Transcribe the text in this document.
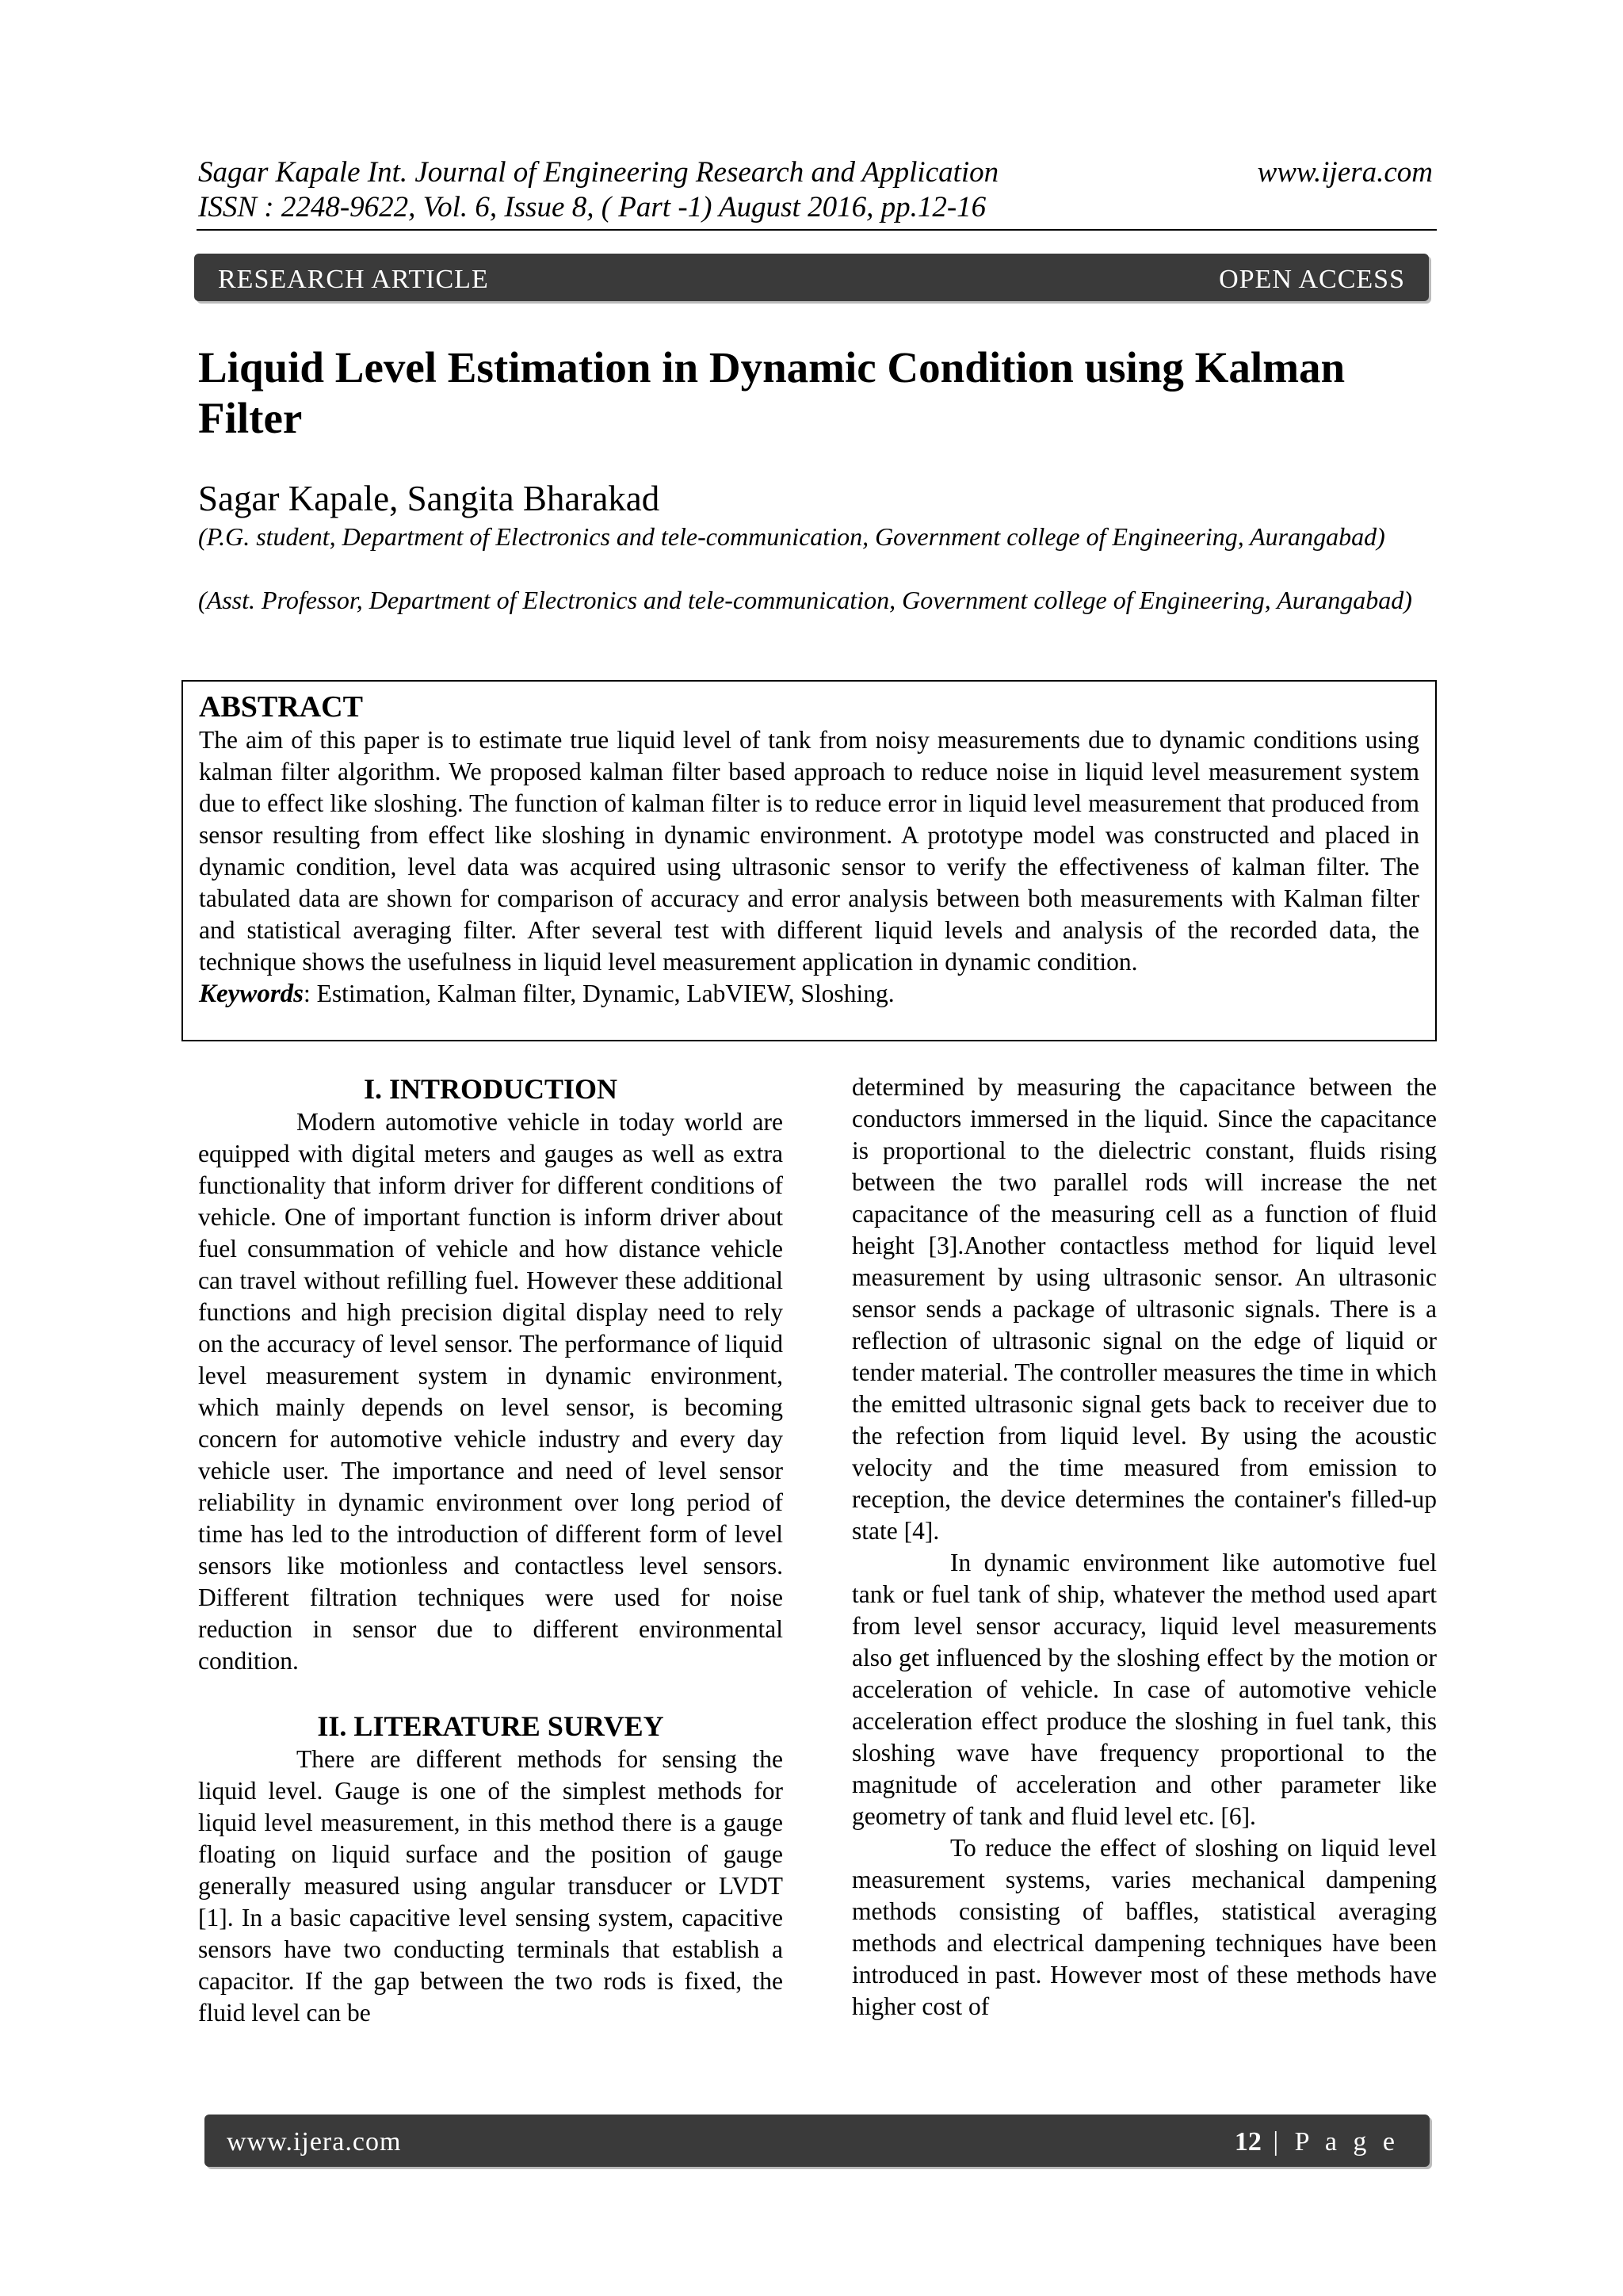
Sagar Kapale Int. Journal of Engineering Research and Application
ISSN : 2248-9622, Vol. 6, Issue 8, ( Part -1) August 2016, pp.12-16
www.ijera.com
RESEARCH ARTICLE	OPEN ACCESS
Liquid Level Estimation in Dynamic Condition using Kalman
Filter
Sagar Kapale, Sangita Bharakad
(P.G. student, Department of Electronics and tele-communication, Government college of Engineering, Aurangabad)
(Asst. Professor, Department of Electronics and tele-communication, Government college of Engineering, Aurangabad)
ABSTRACT
The aim of this paper is to estimate true liquid level of tank from noisy measurements due to dynamic conditions using kalman filter algorithm. We proposed kalman filter based approach to reduce noise in liquid level measurement system due to effect like sloshing. The function of kalman filter is to reduce error in liquid level measurement that produced from sensor resulting from effect like sloshing in dynamic environment. A prototype model was constructed and placed in dynamic condition, level data was acquired using ultrasonic sensor to verify the effectiveness of kalman filter. The tabulated data are shown for comparison of accuracy and error analysis between both measurements with Kalman filter and statistical averaging filter. After several test with different liquid levels and analysis of the recorded data, the technique shows the usefulness in liquid level measurement application in dynamic condition.
Keywords: Estimation, Kalman filter, Dynamic, LabVIEW, Sloshing.
I. INTRODUCTION

Modern automotive vehicle in today world are equipped with digital meters and gauges as well as extra functionality that inform driver for different conditions of vehicle. One of important function is inform driver about fuel consummation of vehicle and how distance vehicle can travel without refilling fuel. However these additional functions and high precision digital display need to rely on the accuracy of level sensor. The performance of liquid level measurement system in dynamic environment, which mainly depends on level sensor, is becoming concern for automotive vehicle industry and every day vehicle user. The importance and need of level sensor reliability in dynamic environment over long period of time has led to the introduction of different form of level sensors like motionless and contactless level sensors. Different filtration techniques were used for noise reduction in sensor due to different environmental condition.

II. LITERATURE SURVEY

There are different methods for sensing the liquid level. Gauge is one of the simplest methods for liquid level measurement, in this method there is a gauge floating on liquid surface and the position of gauge generally measured using angular transducer or LVDT [1]. In a basic capacitive level sensing system, capacitive sensors have two conducting terminals that establish a capacitor. If the gap between the two rods is fixed, the fluid level can be

determined by measuring the capacitance between the conductors immersed in the liquid. Since the capacitance is proportional to the dielectric constant, fluids rising between the two parallel rods will increase the net capacitance of the measuring cell as a function of fluid height [3].Another contactless method for liquid level measurement by using ultrasonic sensor. An ultrasonic sensor sends a package of ultrasonic signals. There is a reflection of ultrasonic signal on the edge of liquid or tender material. The controller measures the time in which the emitted ultrasonic signal gets back to receiver due to the refection from liquid level. By using the acoustic velocity and the time measured from emission to reception, the device determines the container's filled-up state [4].

In dynamic environment like automotive fuel tank or fuel tank of ship, whatever the method used apart from level sensor accuracy, liquid level measurements also get influenced by the sloshing effect by the motion or acceleration of vehicle. In case of automotive vehicle acceleration effect produce the sloshing in fuel tank, this sloshing wave have frequency proportional to the magnitude of acceleration and other parameter like geometry of tank and fluid level etc. [6].

To reduce the effect of sloshing on liquid level measurement systems, varies mechanical dampening methods consisting of baffles, statistical averaging methods and electrical dampening techniques have been introduced in past. However most of these methods have higher cost of

www.ijera.com	12 | P a g e
